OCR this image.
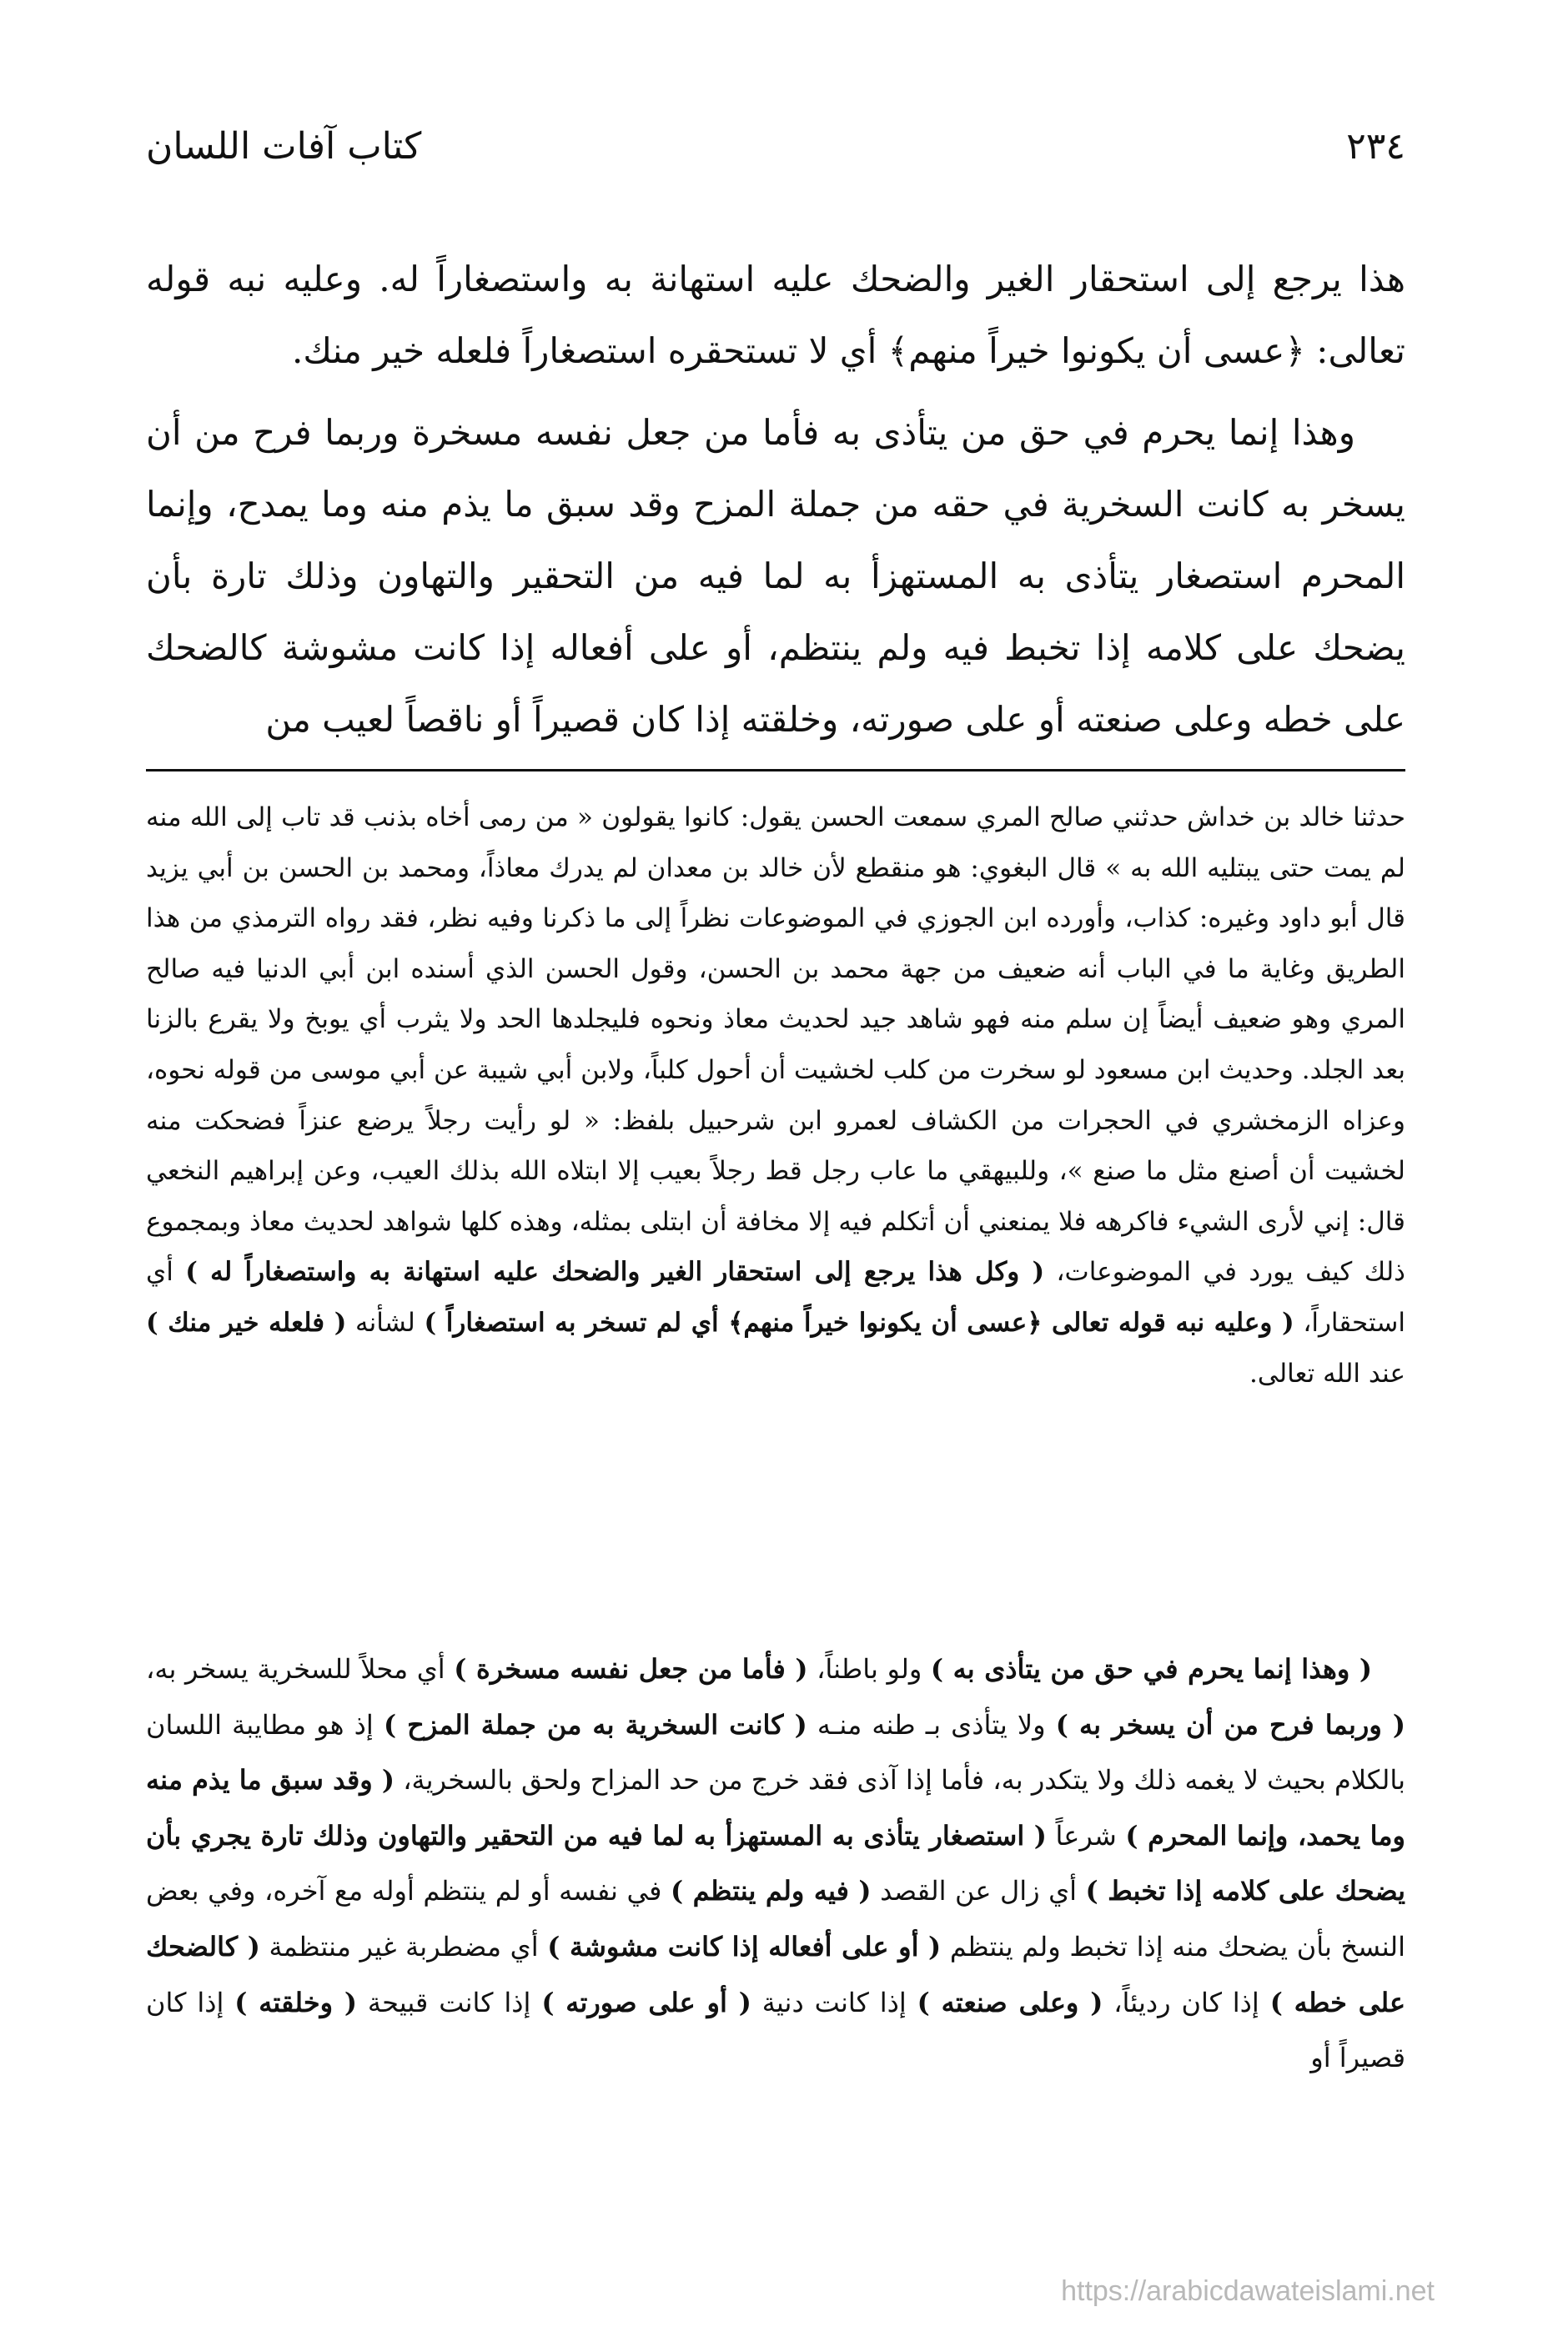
٢٣٤
كتاب آفات اللسان

هذا يرجع إلى استحقار الغير والضحك عليه استهانة به واستصغاراً له. وعليه نبه قوله تعالى: ﴿عسى أن يكونوا خيراً منهم﴾ أي لا تستحقره استصغاراً فلعله خير منك.

وهذا إنما يحرم في حق من يتأذى به فأما من جعل نفسه مسخرة وربما فرح من أن يسخر به كانت السخرية في حقه من جملة المزح وقد سبق ما يذم منه وما يمدح، وإنما المحرم استصغار يتأذى به المستهزأ به لما فيه من التحقير والتهاون وذلك تارة بأن يضحك على كلامه إذا تخبط فيه ولم ينتظم، أو على أفعاله إذا كانت مشوشة كالضحك على خطه وعلى صنعته أو على صورته، وخلقته إذا كان قصيراً أو ناقصاً لعيب من

حدثنا خالد بن خداش حدثني صالح المري سمعت الحسن يقول: كانوا يقولون « من رمى أخاه بذنب قد تاب إلى الله منه لم يمت حتى يبتليه الله به » قال البغوي: هو منقطع لأن خالد بن معدان لم يدرك معاذاً، ومحمد بن الحسن بن أبي يزيد قال أبو داود وغيره: كذاب، وأورده ابن الجوزي في الموضوعات نظراً إلى ما ذكرنا وفيه نظر، فقد رواه الترمذي من هذا الطريق وغاية ما في الباب أنه ضعيف من جهة محمد بن الحسن، وقول الحسن الذي أسنده ابن أبي الدنيا فيه صالح المري وهو ضعيف أيضاً إن سلم منه فهو شاهد جيد لحديث معاذ ونحوه فليجلدها الحد ولا يثرب أي يوبخ ولا يقرع بالزنا بعد الجلد. وحديث ابن مسعود لو سخرت من كلب لخشيت أن أحول كلباً، ولابن أبي شيبة عن أبي موسى من قوله نحوه، وعزاه الزمخشري في الحجرات من الكشاف لعمرو ابن شرحبيل بلفظ: « لو رأيت رجلاً يرضع عنزاً فضحكت منه لخشيت أن أصنع مثل ما صنع »، وللبيهقي ما عاب رجل قط رجلاً بعيب إلا ابتلاه الله بذلك العيب، وعن إبراهيم النخعي قال: إني لأرى الشيء فاكرهه فلا يمنعني أن أتكلم فيه إلا مخافة أن ابتلى بمثله، وهذه كلها شواهد لحديث معاذ وبمجموع ذلك كيف يورد في الموضوعات، ( وكل هذا يرجع إلى استحقار الغير والضحك عليه استهانة به واستصغاراً له ) أي استحقاراً، ( وعليه نبه قوله تعالى ﴿عسى أن يكونوا خيراً منهم﴾ أي لم تسخر به استصغاراً ) لشأنه ( فلعله خير منك ) عند الله تعالى.

( وهذا إنما يحرم في حق من يتأذى به ) ولو باطناً، ( فأما من جعل نفسه مسخرة ) أي محلاً للسخرية يسخر به، ( وربما فرح من أن يسخر به ) ولا يتأذى بـ طنه منـه ( كانت السخرية به من جملة المزح ) إذ هو مطايبة اللسان بالكلام بحيث لا يغمه ذلك ولا يتكدر به، فأما إذا آذى فقد خرج من حد المزاح ولحق بالسخرية، ( وقد سبق ما يذم منه وما يحمد، وإنما المحرم ) شرعاً ( استصغار يتأذى به المستهزأ به لما فيه من التحقير والتهاون وذلك تارة يجري بأن يضحك على كلامه إذا تخبط ) أي زال عن القصد ( فيه ولم ينتظم ) في نفسه أو لم ينتظم أوله مع آخره، وفي بعض النسخ بأن يضحك منه إذا تخبط ولم ينتظم ( أو على أفعاله إذا كانت مشوشة ) أي مضطربة غير منتظمة ( كالضحك على خطه ) إذا كان رديئاً، ( وعلى صنعته ) إذا كانت دنية ( أو على صورته ) إذا كانت قبيحة ( وخلقته ) إذا كان قصيراً أو

https://arabicdawateislami.net
